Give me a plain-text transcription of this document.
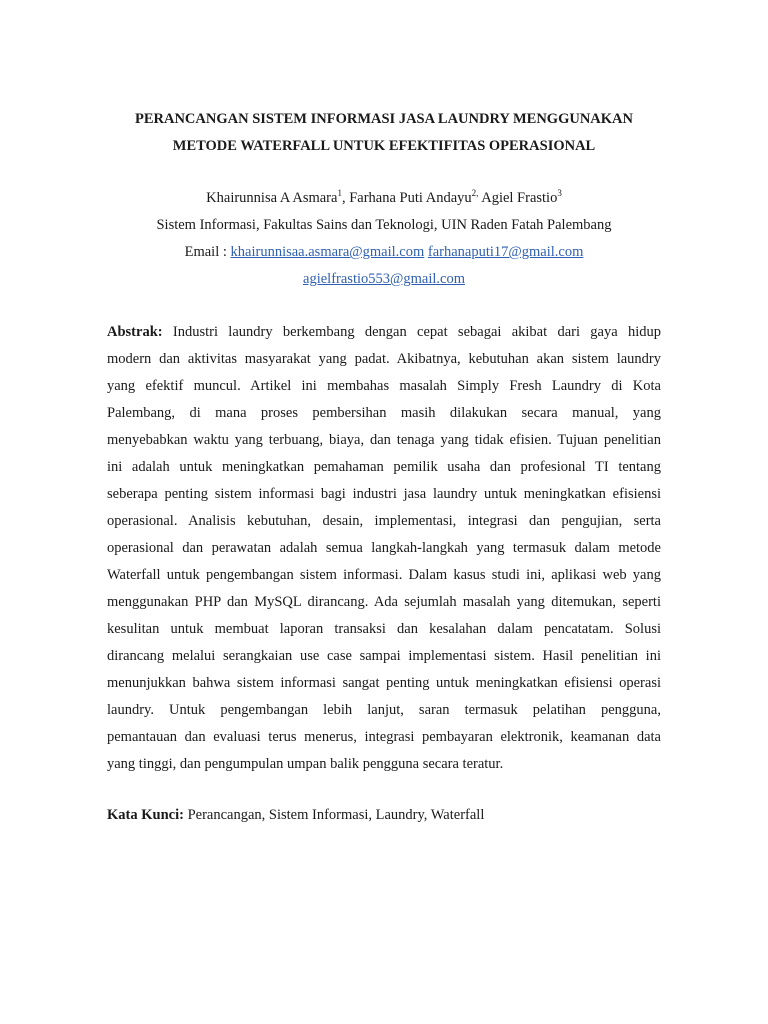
PERANCANGAN SISTEM INFORMASI JASA LAUNDRY MENGGUNAKAN
METODE WATERFALL UNTUK EFEKTIFITAS OPERASIONAL
Khairunnisa A Asmara$^1$, Farhana Puti Andayu$^{2,}$ Agiel Frastio$^3$
Sistem Informasi, Fakultas Sains dan Teknologi, UIN Raden Fatah Palembang
Email : khairunnisaa.asmara@gmail.com farhanaputi17@gmail.com
agielfrastio553@gmail.com
Abstrak: Industri laundry berkembang dengan cepat sebagai akibat dari gaya hidup
modern dan aktivitas masyarakat yang padat. Akibatnya, kebutuhan akan sistem laundry
yang efektif muncul. Artikel ini membahas masalah Simply Fresh Laundry di Kota
Palembang, di mana proses pembersihan masih dilakukan secara manual, yang
menyebabkan waktu yang terbuang, biaya, dan tenaga yang tidak efisien. Tujuan penelitian
ini adalah untuk meningkatkan pemahaman pemilik usaha dan profesional TI tentang
seberapa penting sistem informasi bagi industri jasa laundry untuk meningkatkan efisiensi
operasional. Analisis kebutuhan, desain, implementasi, integrasi dan pengujian, serta
operasional dan perawatan adalah semua langkah-langkah yang termasuk dalam metode
Waterfall untuk pengembangan sistem informasi. Dalam kasus studi ini, aplikasi web yang
menggunakan PHP dan MySQL dirancang. Ada sejumlah masalah yang ditemukan, seperti
kesulitan untuk membuat laporan transaksi dan kesalahan dalam pencatatam. Solusi
dirancang melalui serangkaian use case sampai implementasi sistem. Hasil penelitian ini
menunjukkan bahwa sistem informasi sangat penting untuk meningkatkan efisiensi operasi
laundry. Untuk pengembangan lebih lanjut, saran termasuk pelatihan pengguna,
pemantauan dan evaluasi terus menerus, integrasi pembayaran elektronik, keamanan data
yang tinggi, dan pengumpulan umpan balik pengguna secara teratur.
Kata Kunci: Perancangan, Sistem Informasi, Laundry, Waterfall
